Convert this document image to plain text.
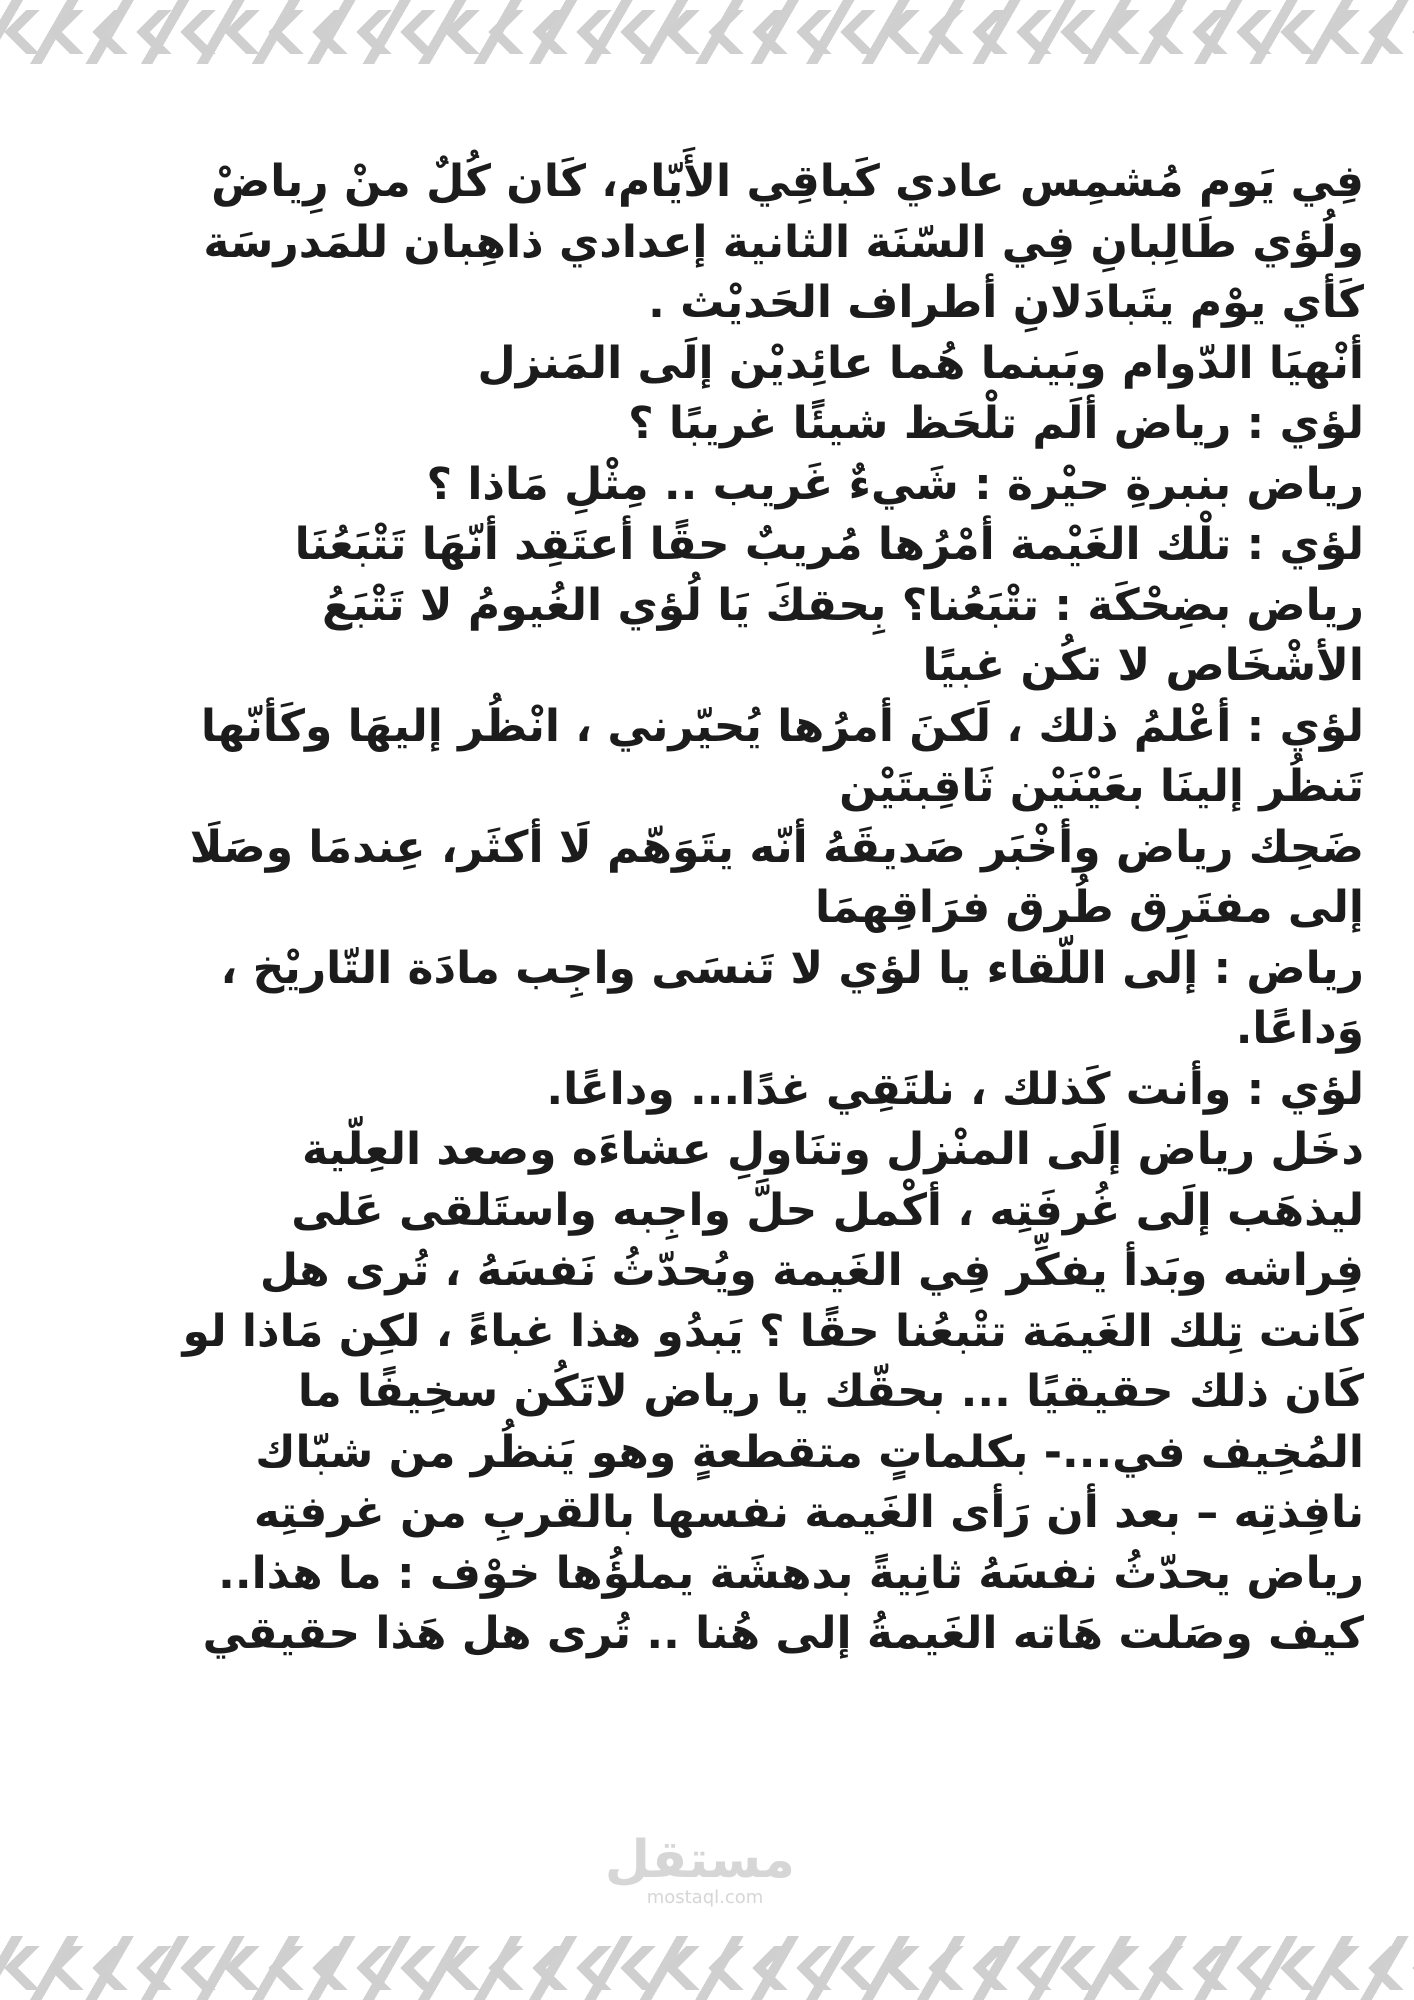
فِي يَوم مُشمِس عادي كَباقِي الأَيّام، كَان كُلٌ منْ رِياضْ
ولُؤي طَالِبانِ فِي السّنَة الثانية إعدادي ذاهِبان للمَدرسَة
كَأي يوْم يتَبادَلانِ أطراف الحَديْث .
أنْهيَا الدّوام وبَينما هُما عائِديْن إلَى المَنزل
لؤي : رياض ألَم تلْحَظ شيئًا غريبًا ؟
رياض بنبرةِ حيْرة : شَيءٌ غَريب .. مِثْلِ مَاذا ؟
لؤي : تلْك الغَيْمة أمْرُها مُريبٌ حقًا أعتَقِد أنّهَا تَتْبَعُنَا
رياض بضِحْكَة : تتْبَعُنا؟ بِحقكَ يَا لُؤي الغُيومُ لا تَتْبَعُ
الأشْخَاص لا تكُن غبيًا
لؤي : أعْلمُ ذلك ، لَكنَ أمرُها يُحيّرني ، انْظُر إليهَا وكَأنّها
تَنظُر إلينَا بعَيْنَيْن ثَاقِبتَيْن
ضَحِك رياض وأخْبَر صَديقَهُ أنّه يتَوَهّم لَا أكثَر، عِندمَا وصَلَا
إلى مفتَرِق طُرق فرَاقِهمَا
رياض : إلى اللّقاء يا لؤي لا تَنسَى واجِب مادَة التّاريْخ ،
وَداعًا.
لؤي : وأنت كَذلك ، نلتَقِي غدًا... وداعًا.
دخَل رياض إلَى المنْزل وتنَاولِ عشاءَه وصعد العِلّية
ليذهَب إلَى غُرفَتِه ، أكْمل حلَّ واجِبه واستَلقى عَلى
فِراشه وبَدأ يفكِّر فِي الغَيمة ويُحدّثُ نَفسَهُ ، تُرى هل
كَانت تِلك الغَيمَة تتْبعُنا حقًا ؟ يَبدُو هذا غباءً ، لكِن مَاذا لو
كَان ذلك حقيقيًا ... بحقّك يا رياض لاتَكُن سخِيفًا ما
المُخِيف في...- بكلماتٍ متقطعةٍ وهو يَنظُر من شبّاك
نافِذتِه – بعد أن رَأى الغَيمة نفسها بالقربِ من غرفتِه
رياض يحدّثُ نفسَهُ ثانِيةً بدهشَة يملؤُها خوْف : ما هذا..
كيف وصَلت هَاته الغَيمةُ إلى هُنا .. تُرى هل هَذا حقيقي
مستقل
mostaql.com
